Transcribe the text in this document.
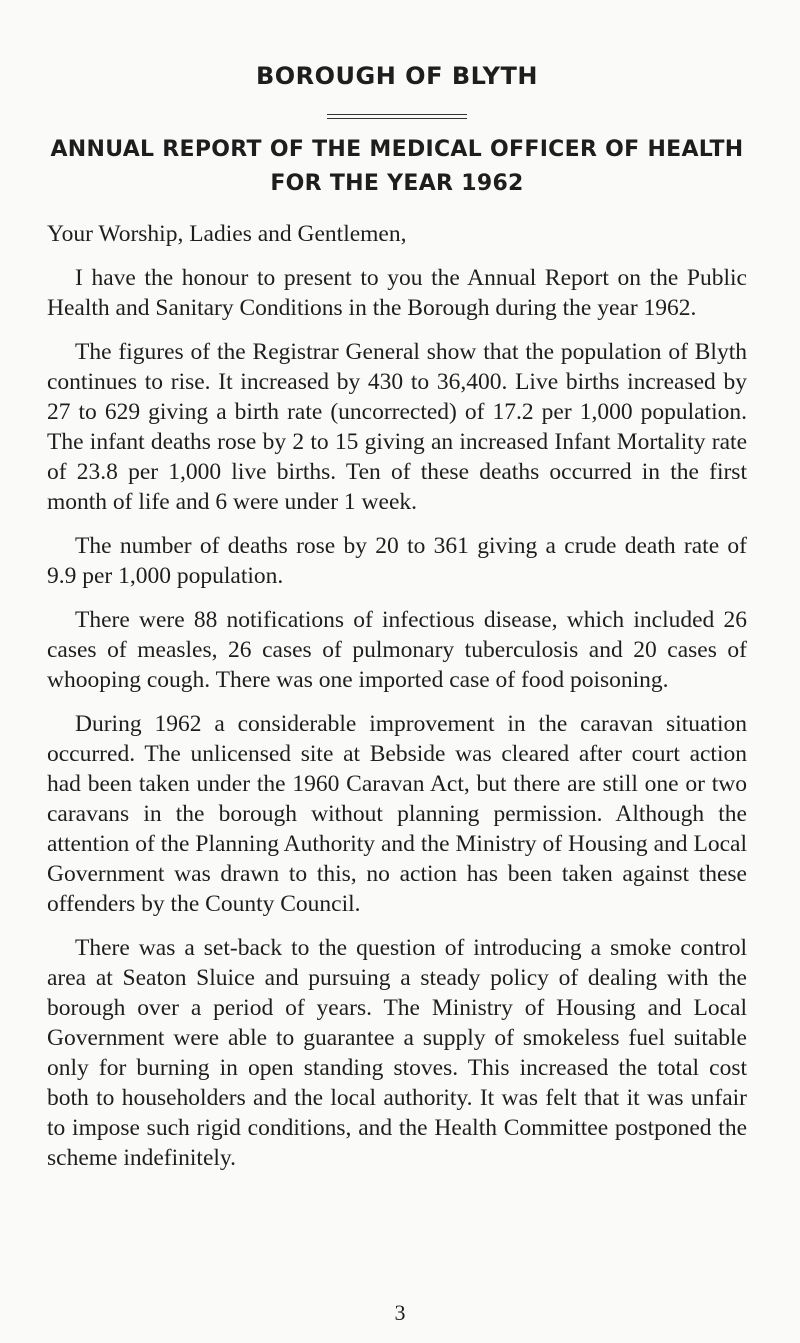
BOROUGH OF BLYTH
ANNUAL REPORT OF THE MEDICAL OFFICER OF HEALTH FOR THE YEAR 1962

Your Worship, Ladies and Gentlemen,

I have the honour to present to you the Annual Report on the Public Health and Sanitary Conditions in the Borough during the year 1962.

The figures of the Registrar General show that the population of Blyth continues to rise. It increased by 430 to 36,400. Live births increased by 27 to 629 giving a birth rate (uncorrected) of 17.2 per 1,000 population. The infant deaths rose by 2 to 15 giving an increased Infant Mortality rate of 23.8 per 1,000 live births. Ten of these deaths occurred in the first month of life and 6 were under 1 week.

The number of deaths rose by 20 to 361 giving a crude death rate of 9.9 per 1,000 population.

There were 88 notifications of infectious disease, which included 26 cases of measles, 26 cases of pulmonary tuberculosis and 20 cases of whooping cough. There was one imported case of food poisoning.

During 1962 a considerable improvement in the caravan situation occurred. The unlicensed site at Bebside was cleared after court action had been taken under the 1960 Caravan Act, but there are still one or two caravans in the borough without planning permission. Although the attention of the Planning Authority and the Ministry of Housing and Local Government was drawn to this, no action has been taken against these offenders by the County Council.

There was a set-back to the question of introducing a smoke control area at Seaton Sluice and pursuing a steady policy of dealing with the borough over a period of years. The Ministry of Housing and Local Government were able to guarantee a supply of smokeless fuel suitable only for burning in open standing stoves. This increased the total cost both to householders and the local authority. It was felt that it was unfair to impose such rigid conditions, and the Health Committee postponed the scheme indefinitely.

3
